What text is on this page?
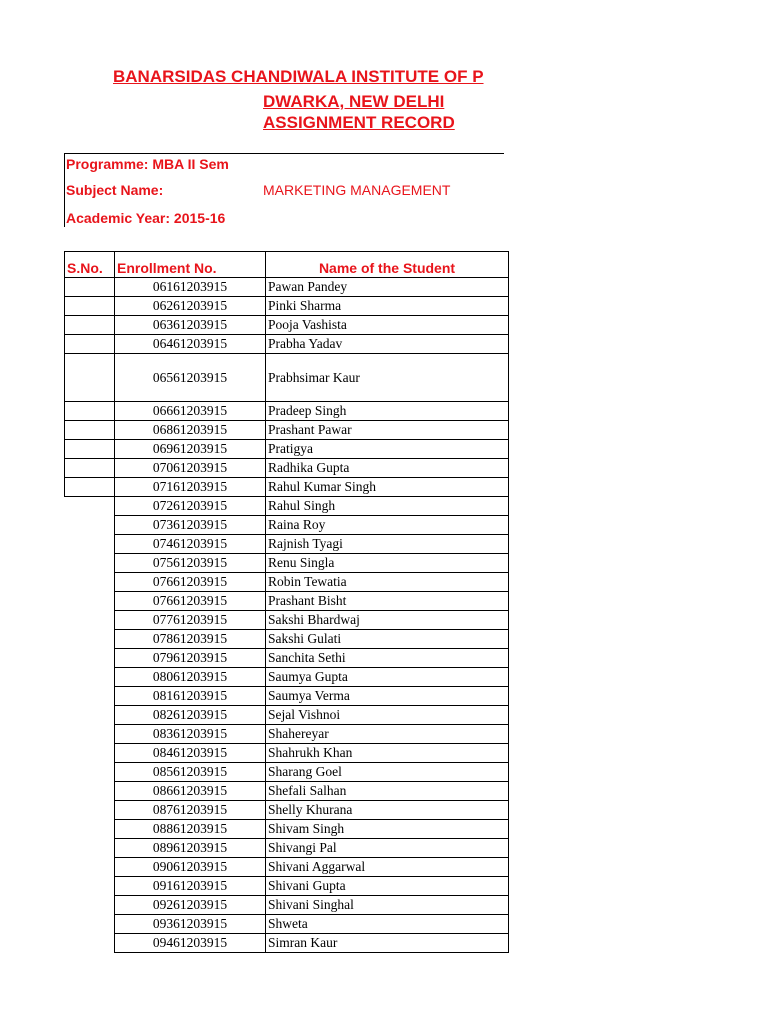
BANARSIDAS CHANDIWALA INSTITUTE OF P
DWARKA, NEW DELHI
ASSIGNMENT RECORD
Programme: MBA II Sem
Subject Name:	MARKETING MANAGEMENT
Academic Year: 2015-16
S.No.	Enrollment No.	Name of the Student
	06161203915	Pawan Pandey
	06261203915	Pinki Sharma
	06361203915	Pooja Vashista
	06461203915	Prabha Yadav
	06561203915	Prabhsimar Kaur
	06661203915	Pradeep Singh
	06861203915	Prashant Pawar
	06961203915	Pratigya
	07061203915	Radhika Gupta
	07161203915	Rahul Kumar Singh
	07261203915	Rahul Singh
	07361203915	Raina Roy
	07461203915	Rajnish Tyagi
	07561203915	Renu Singla
	07661203915	Robin Tewatia
	07661203915	Prashant Bisht
	07761203915	Sakshi Bhardwaj
	07861203915	Sakshi Gulati
	07961203915	Sanchita Sethi
	08061203915	Saumya Gupta
	08161203915	Saumya Verma
	08261203915	Sejal Vishnoi
	08361203915	Shahereyar
	08461203915	Shahrukh Khan
	08561203915	Sharang Goel
	08661203915	Shefali Salhan
	08761203915	Shelly Khurana
	08861203915	Shivam Singh
	08961203915	Shivangi Pal
	09061203915	Shivani Aggarwal
	09161203915	Shivani Gupta
	09261203915	Shivani Singhal
	09361203915	Shweta
	09461203915	Simran Kaur
